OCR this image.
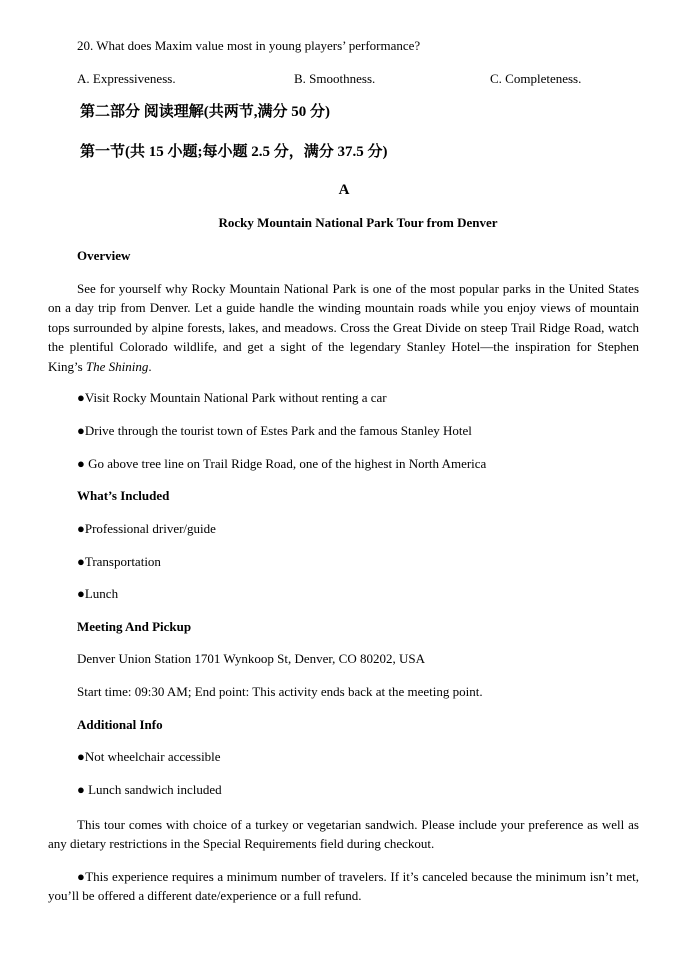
20. What does Maxim value most in young players’ performance?
A. Expressiveness.	B. Smoothness.	C. Completeness.
第二部分 阅读理解(共两节,满分 50 分)
第一节(共 15 小题;每小题 2.5 分，满分 37.5 分)
A
Rocky Mountain National Park Tour from Denver
Overview
See for yourself why Rocky Mountain National Park is one of the most popular parks in the United States on a day trip from Denver. Let a guide handle the winding mountain roads while you enjoy views of mountain tops surrounded by alpine forests, lakes, and meadows. Cross the Great Divide on steep Trail Ridge Road, watch the plentiful Colorado wildlife, and get a sight of the legendary Stanley Hotel—the inspiration for Stephen King’s The Shining.
●Visit Rocky Mountain National Park without renting a car
●Drive through the tourist town of Estes Park and the famous Stanley Hotel
● Go above tree line on Trail Ridge Road, one of the highest in North America
What’s Included
●Professional driver/guide
●Transportation
●Lunch
Meeting And Pickup
Denver Union Station 1701 Wynkoop St, Denver, CO 80202, USA
Start time: 09:30 AM; End point: This activity ends back at the meeting point.
Additional Info
●Not wheelchair accessible
● Lunch sandwich included
This tour comes with choice of a turkey or vegetarian sandwich. Please include your preference as well as any dietary restrictions in the Special Requirements field during checkout.
●This experience requires a minimum number of travelers. If it’s canceled because the minimum isn’t met, you’ll be offered a different date/experience or a full refund.
